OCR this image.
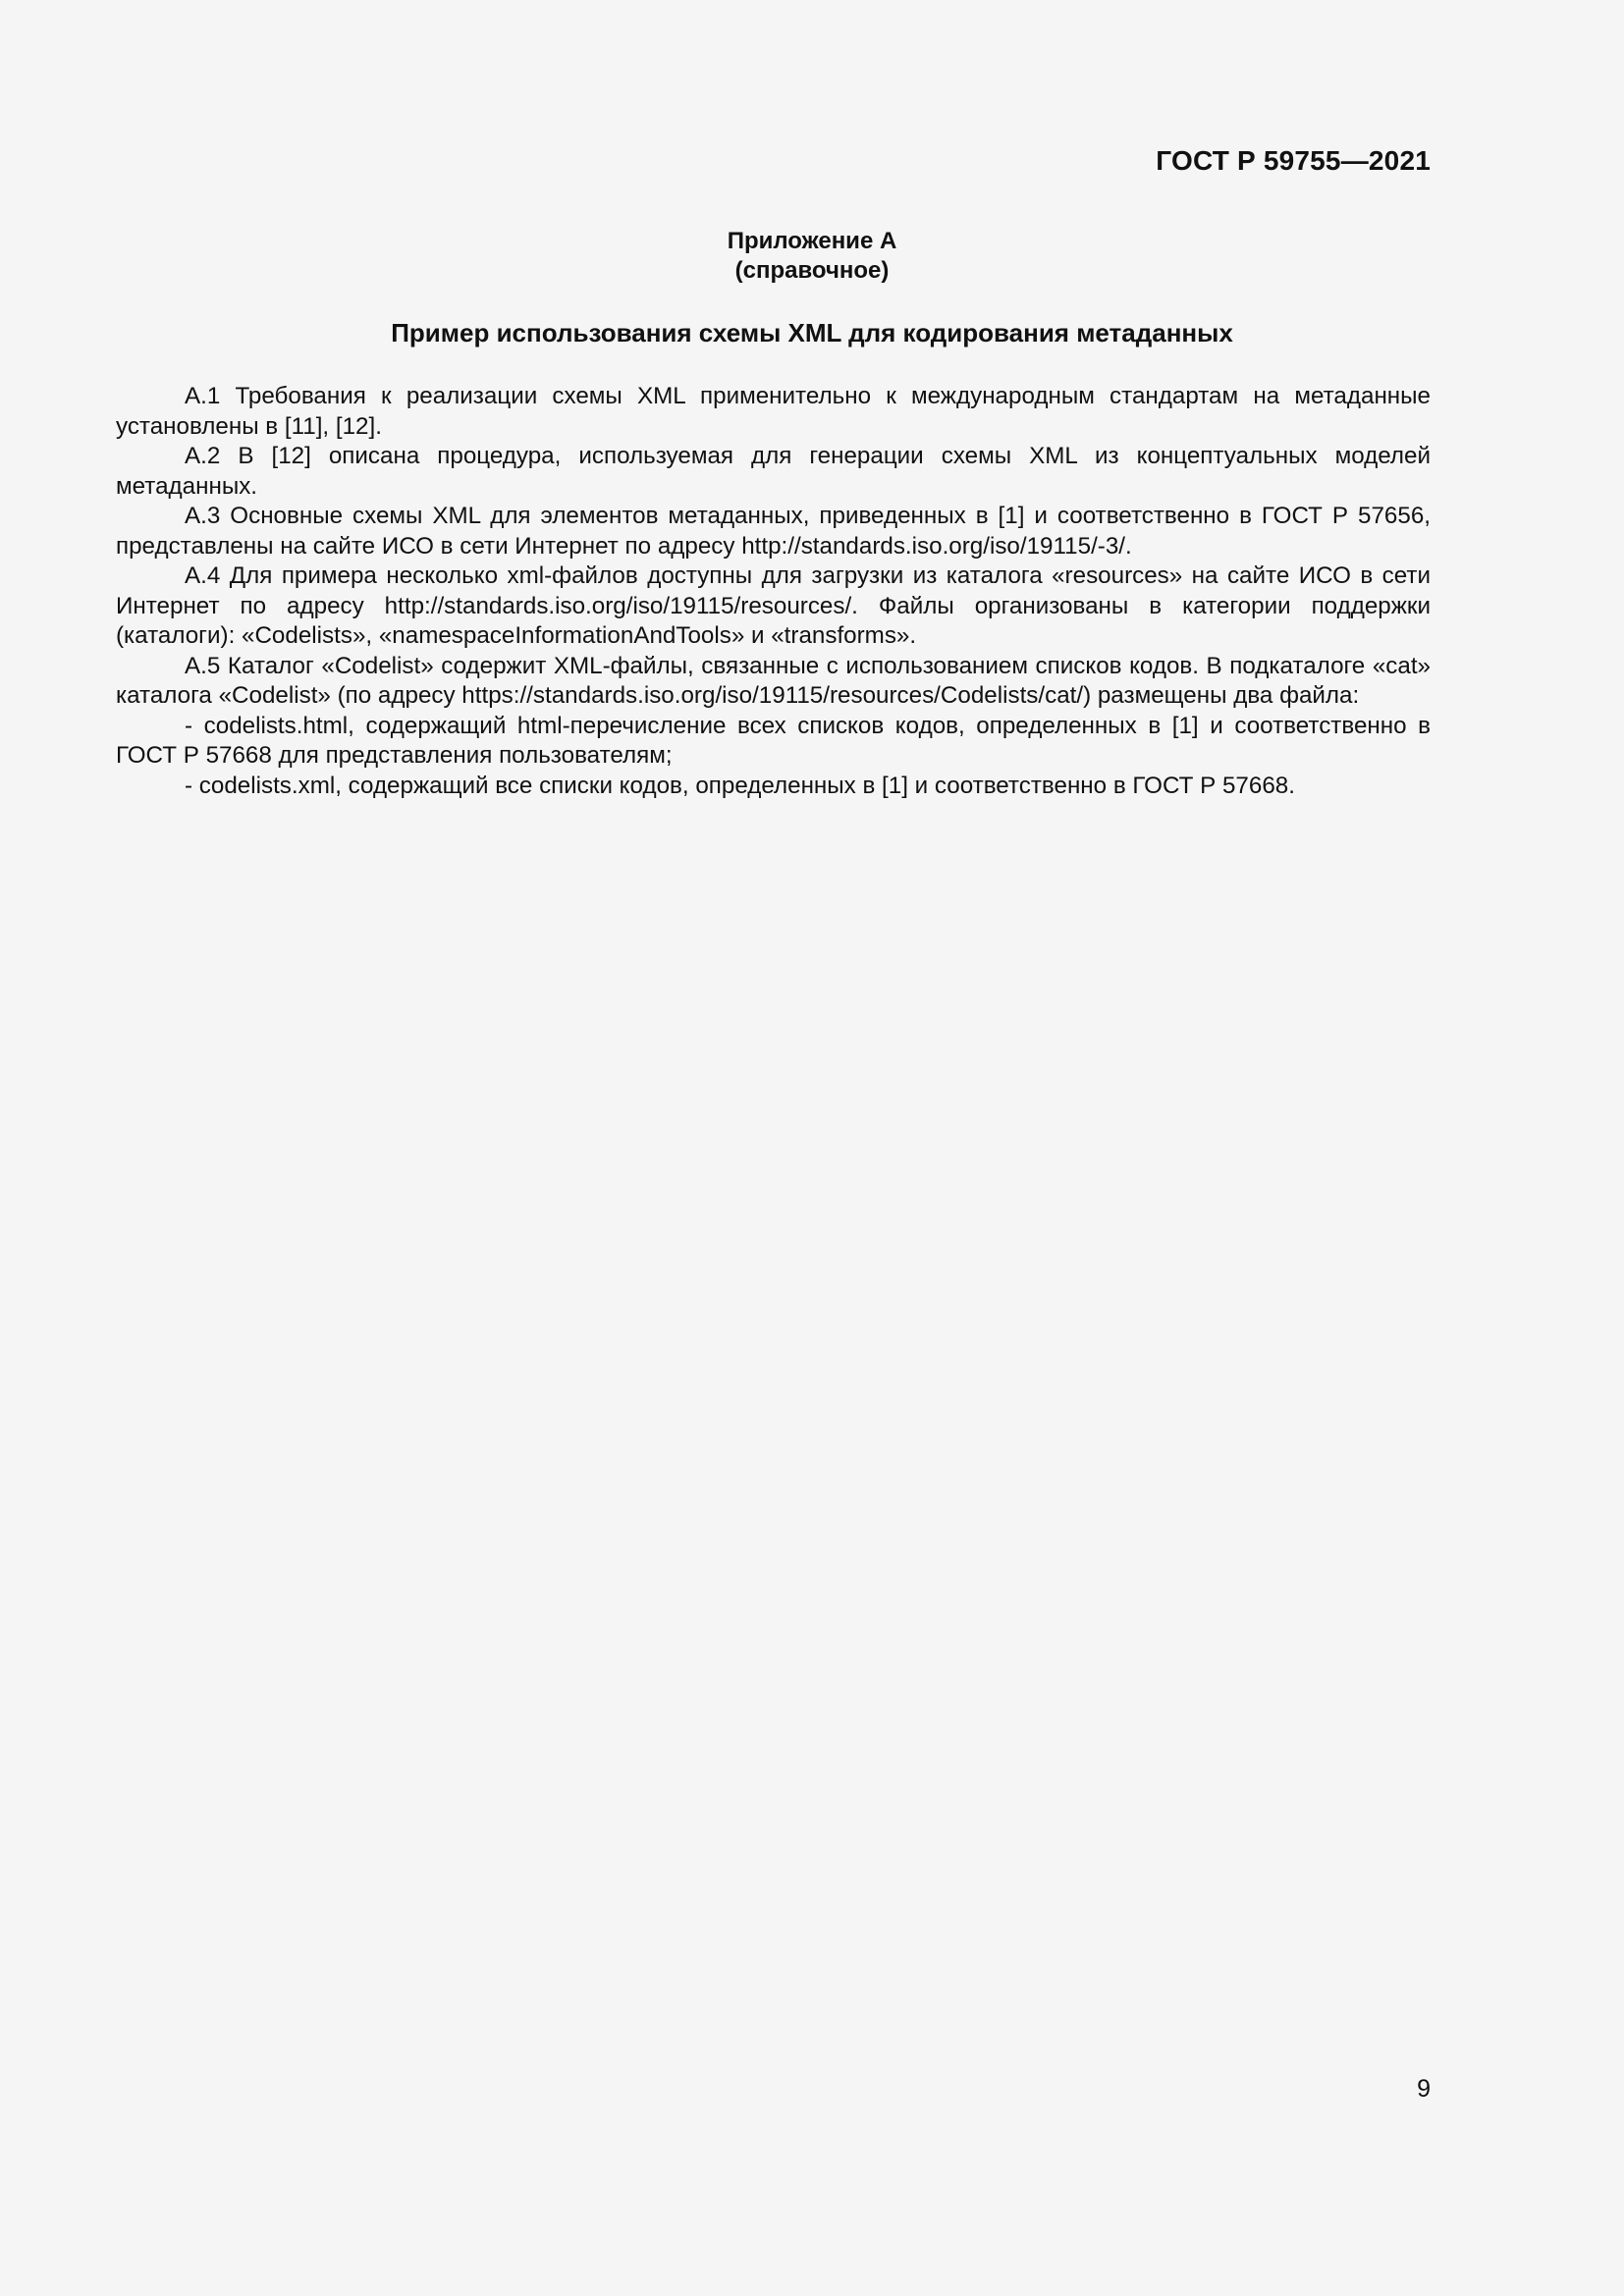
ГОСТ Р 59755—2021
Приложение А
(справочное)
Пример использования схемы XML для кодирования метаданных

А.1 Требования к реализации схемы XML применительно к международным стандартам на метаданные установлены в [11], [12].

А.2 В [12] описана процедура, используемая для генерации схемы XML из концептуальных моделей метаданных.

А.3 Основные схемы XML для элементов метаданных, приведенных в [1] и соответственно в ГОСТ Р 57656, представлены на сайте ИСО в сети Интернет по адресу http://standards.iso.org/iso/19115/-3/.

А.4 Для примера несколько xml-файлов доступны для загрузки из каталога «resources» на сайте ИСО в сети Интернет по адресу http://standards.iso.org/iso/19115/resources/. Файлы организованы в категории поддержки (каталоги): «Codelists», «namespaceInformationAndTools» и «transforms».

А.5 Каталог «Codelist» содержит XML-файлы, связанные с использованием списков кодов. В подкаталоге «cat» каталога «Codelist» (по адресу https://standards.iso.org/iso/19115/resources/Codelists/cat/) размещены два файла:

- codelists.html, содержащий html-перечисление всех списков кодов, определенных в [1] и соответственно в ГОСТ Р 57668 для представления пользователям;

- codelists.xml, содержащий все списки кодов, определенных в [1] и соответственно в ГОСТ Р 57668.

9
